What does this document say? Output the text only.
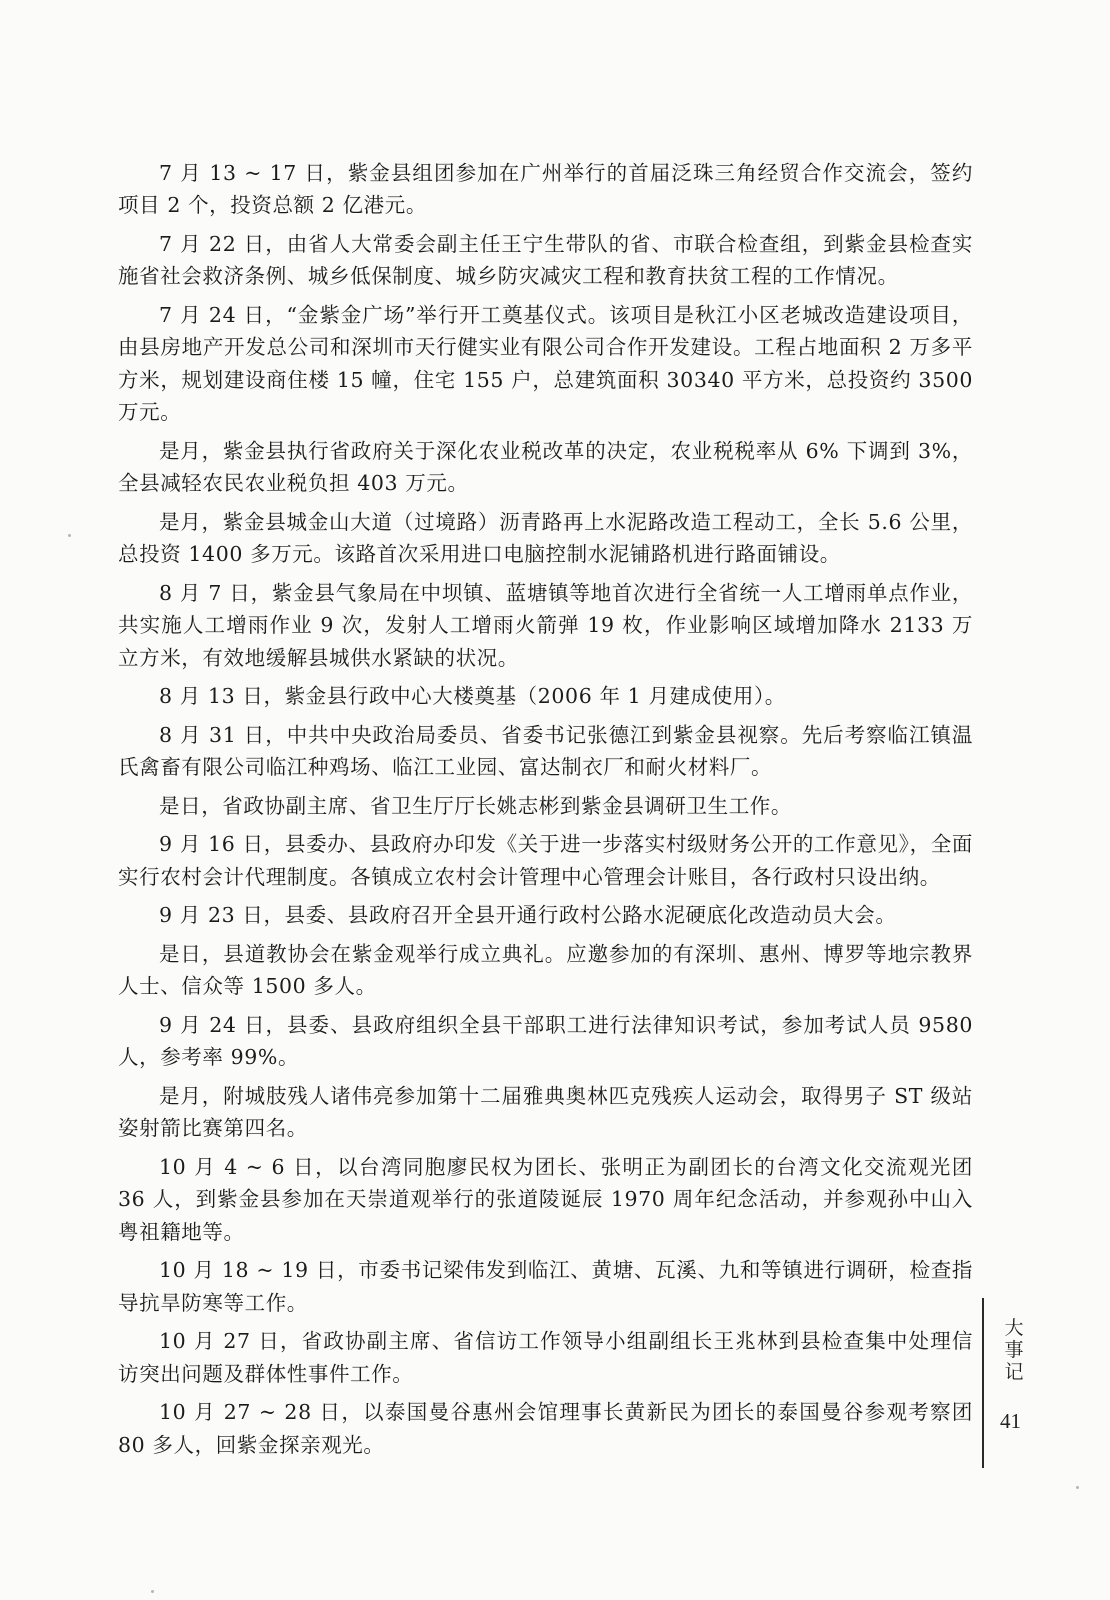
7 月 13 ~ 17 日，紫金县组团参加在广州举行的首届泛珠三角经贸合作交流会，签约项目 2 个，投资总额 2 亿港元。

7 月 22 日，由省人大常委会副主任王宁生带队的省、市联合检查组，到紫金县检查实施省社会救济条例、城乡低保制度、城乡防灾减灾工程和教育扶贫工程的工作情况。

7 月 24 日，“金紫金广场”举行开工奠基仪式。该项目是秋江小区老城改造建设项目，由县房地产开发总公司和深圳市天行健实业有限公司合作开发建设。工程占地面积 2 万多平方米，规划建设商住楼 15 幢，住宅 155 户，总建筑面积 30340 平方米，总投资约 3500 万元。

是月，紫金县执行省政府关于深化农业税改革的决定，农业税税率从 6% 下调到 3%，全县减轻农民农业税负担 403 万元。

是月，紫金县城金山大道（过境路）沥青路再上水泥路改造工程动工，全长 5.6 公里，总投资 1400 多万元。该路首次采用进口电脑控制水泥铺路机进行路面铺设。

8 月 7 日，紫金县气象局在中坝镇、蓝塘镇等地首次进行全省统一人工增雨单点作业，共实施人工增雨作业 9 次，发射人工增雨火箭弹 19 枚，作业影响区域增加降水 2133 万立方米，有效地缓解县城供水紧缺的状况。

8 月 13 日，紫金县行政中心大楼奠基（2006 年 1 月建成使用）。

8 月 31 日，中共中央政治局委员、省委书记张德江到紫金县视察。先后考察临江镇温氏禽畜有限公司临江种鸡场、临江工业园、富达制衣厂和耐火材料厂。

是日，省政协副主席、省卫生厅厅长姚志彬到紫金县调研卫生工作。

9 月 16 日，县委办、县政府办印发《关于进一步落实村级财务公开的工作意见》，全面实行农村会计代理制度。各镇成立农村会计管理中心管理会计账目，各行政村只设出纳。

9 月 23 日，县委、县政府召开全县开通行政村公路水泥硬底化改造动员大会。

是日，县道教协会在紫金观举行成立典礼。应邀参加的有深圳、惠州、博罗等地宗教界人士、信众等 1500 多人。

9 月 24 日，县委、县政府组织全县干部职工进行法律知识考试，参加考试人员 9580 人，参考率 99%。

是月，附城肢残人诸伟亮参加第十二届雅典奥林匹克残疾人运动会，取得男子 ST 级站姿射箭比赛第四名。

10 月 4 ~ 6 日，以台湾同胞廖民权为团长、张明正为副团长的台湾文化交流观光团 36 人，到紫金县参加在天崇道观举行的张道陵诞辰 1970 周年纪念活动，并参观孙中山入粤祖籍地等。

10 月 18 ~ 19 日，市委书记梁伟发到临江、黄塘、瓦溪、九和等镇进行调研，检查指导抗旱防寒等工作。

10 月 27 日，省政协副主席、省信访工作领导小组副组长王兆林到县检查集中处理信访突出问题及群体性事件工作。

10 月 27 ~ 28 日，以泰国曼谷惠州会馆理事长黄新民为团长的泰国曼谷参观考察团 80 多人，回紫金探亲观光。

大事记
41
